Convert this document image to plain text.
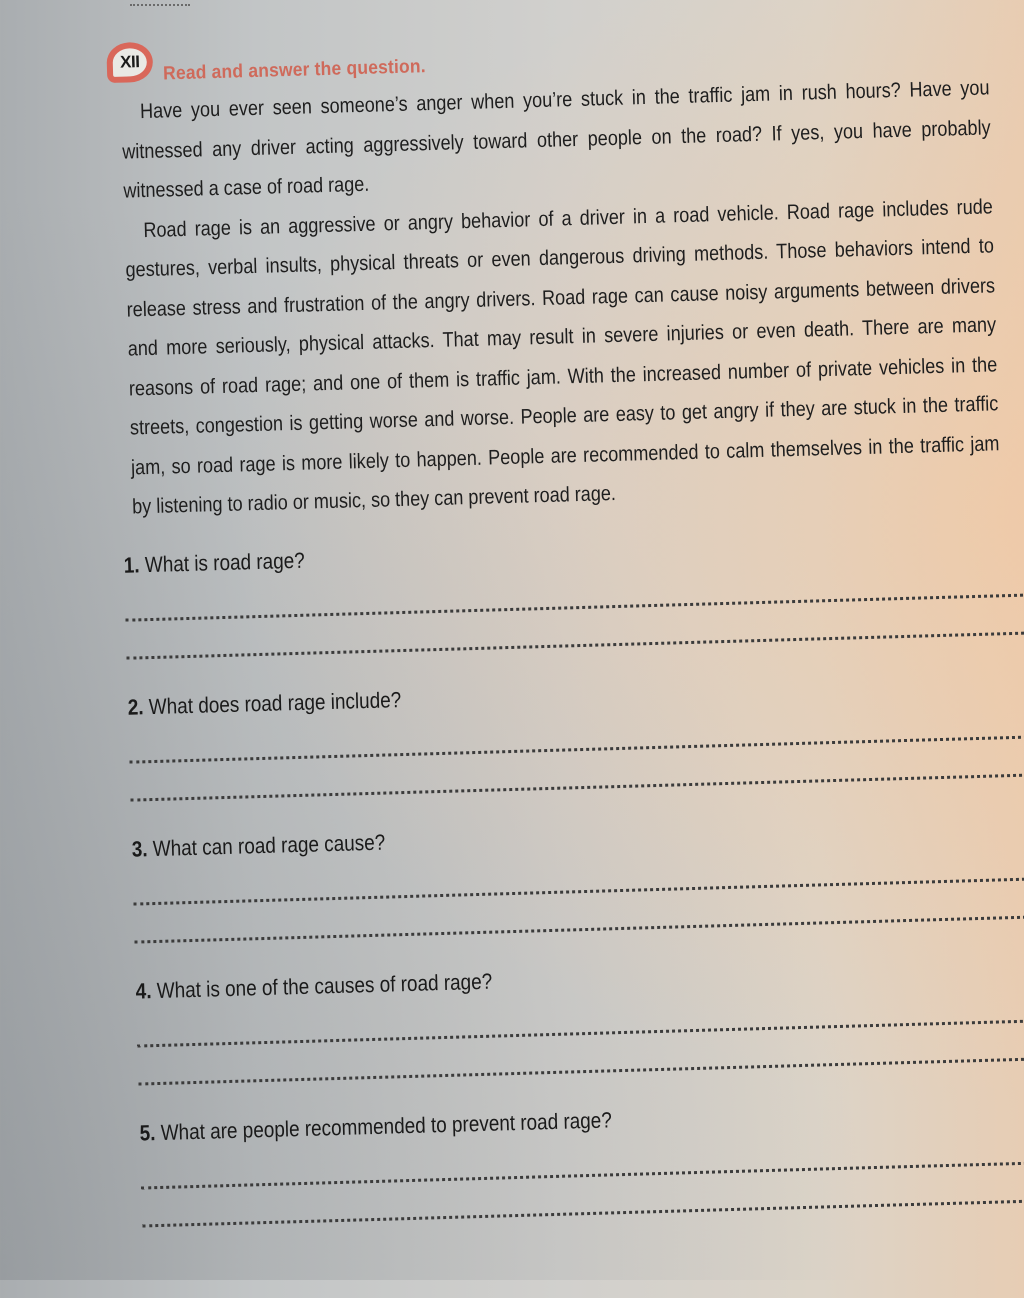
XII Read and answer the question.

Have you ever seen someone’s anger when you’re stuck in the traffic jam in rush hours? Have you witnessed any driver acting aggressively toward other people on the road? If yes, you have probably witnessed a case of road rage.

Road rage is an aggressive or angry behavior of a driver in a road vehicle. Road rage includes rude gestures, verbal insults, physical threats or even dangerous driving methods. Those behaviors intend to release stress and frustration of the angry drivers. Road rage can cause noisy arguments between drivers and more seriously, physical attacks. That may result in severe injuries or even death. There are many reasons of road rage; and one of them is traffic jam. With the increased number of private vehicles in the streets, congestion is getting worse and worse. People are easy to get angry if they are stuck in the traffic jam, so road rage is more likely to happen. People are recommended to calm themselves in the traffic jam by listening to radio or music, so they can prevent road rage.

1. What is road rage?
2. What does road rage include?
3. What can road rage cause?
4. What is one of the causes of road rage?
5. What are people recommended to prevent road rage?
